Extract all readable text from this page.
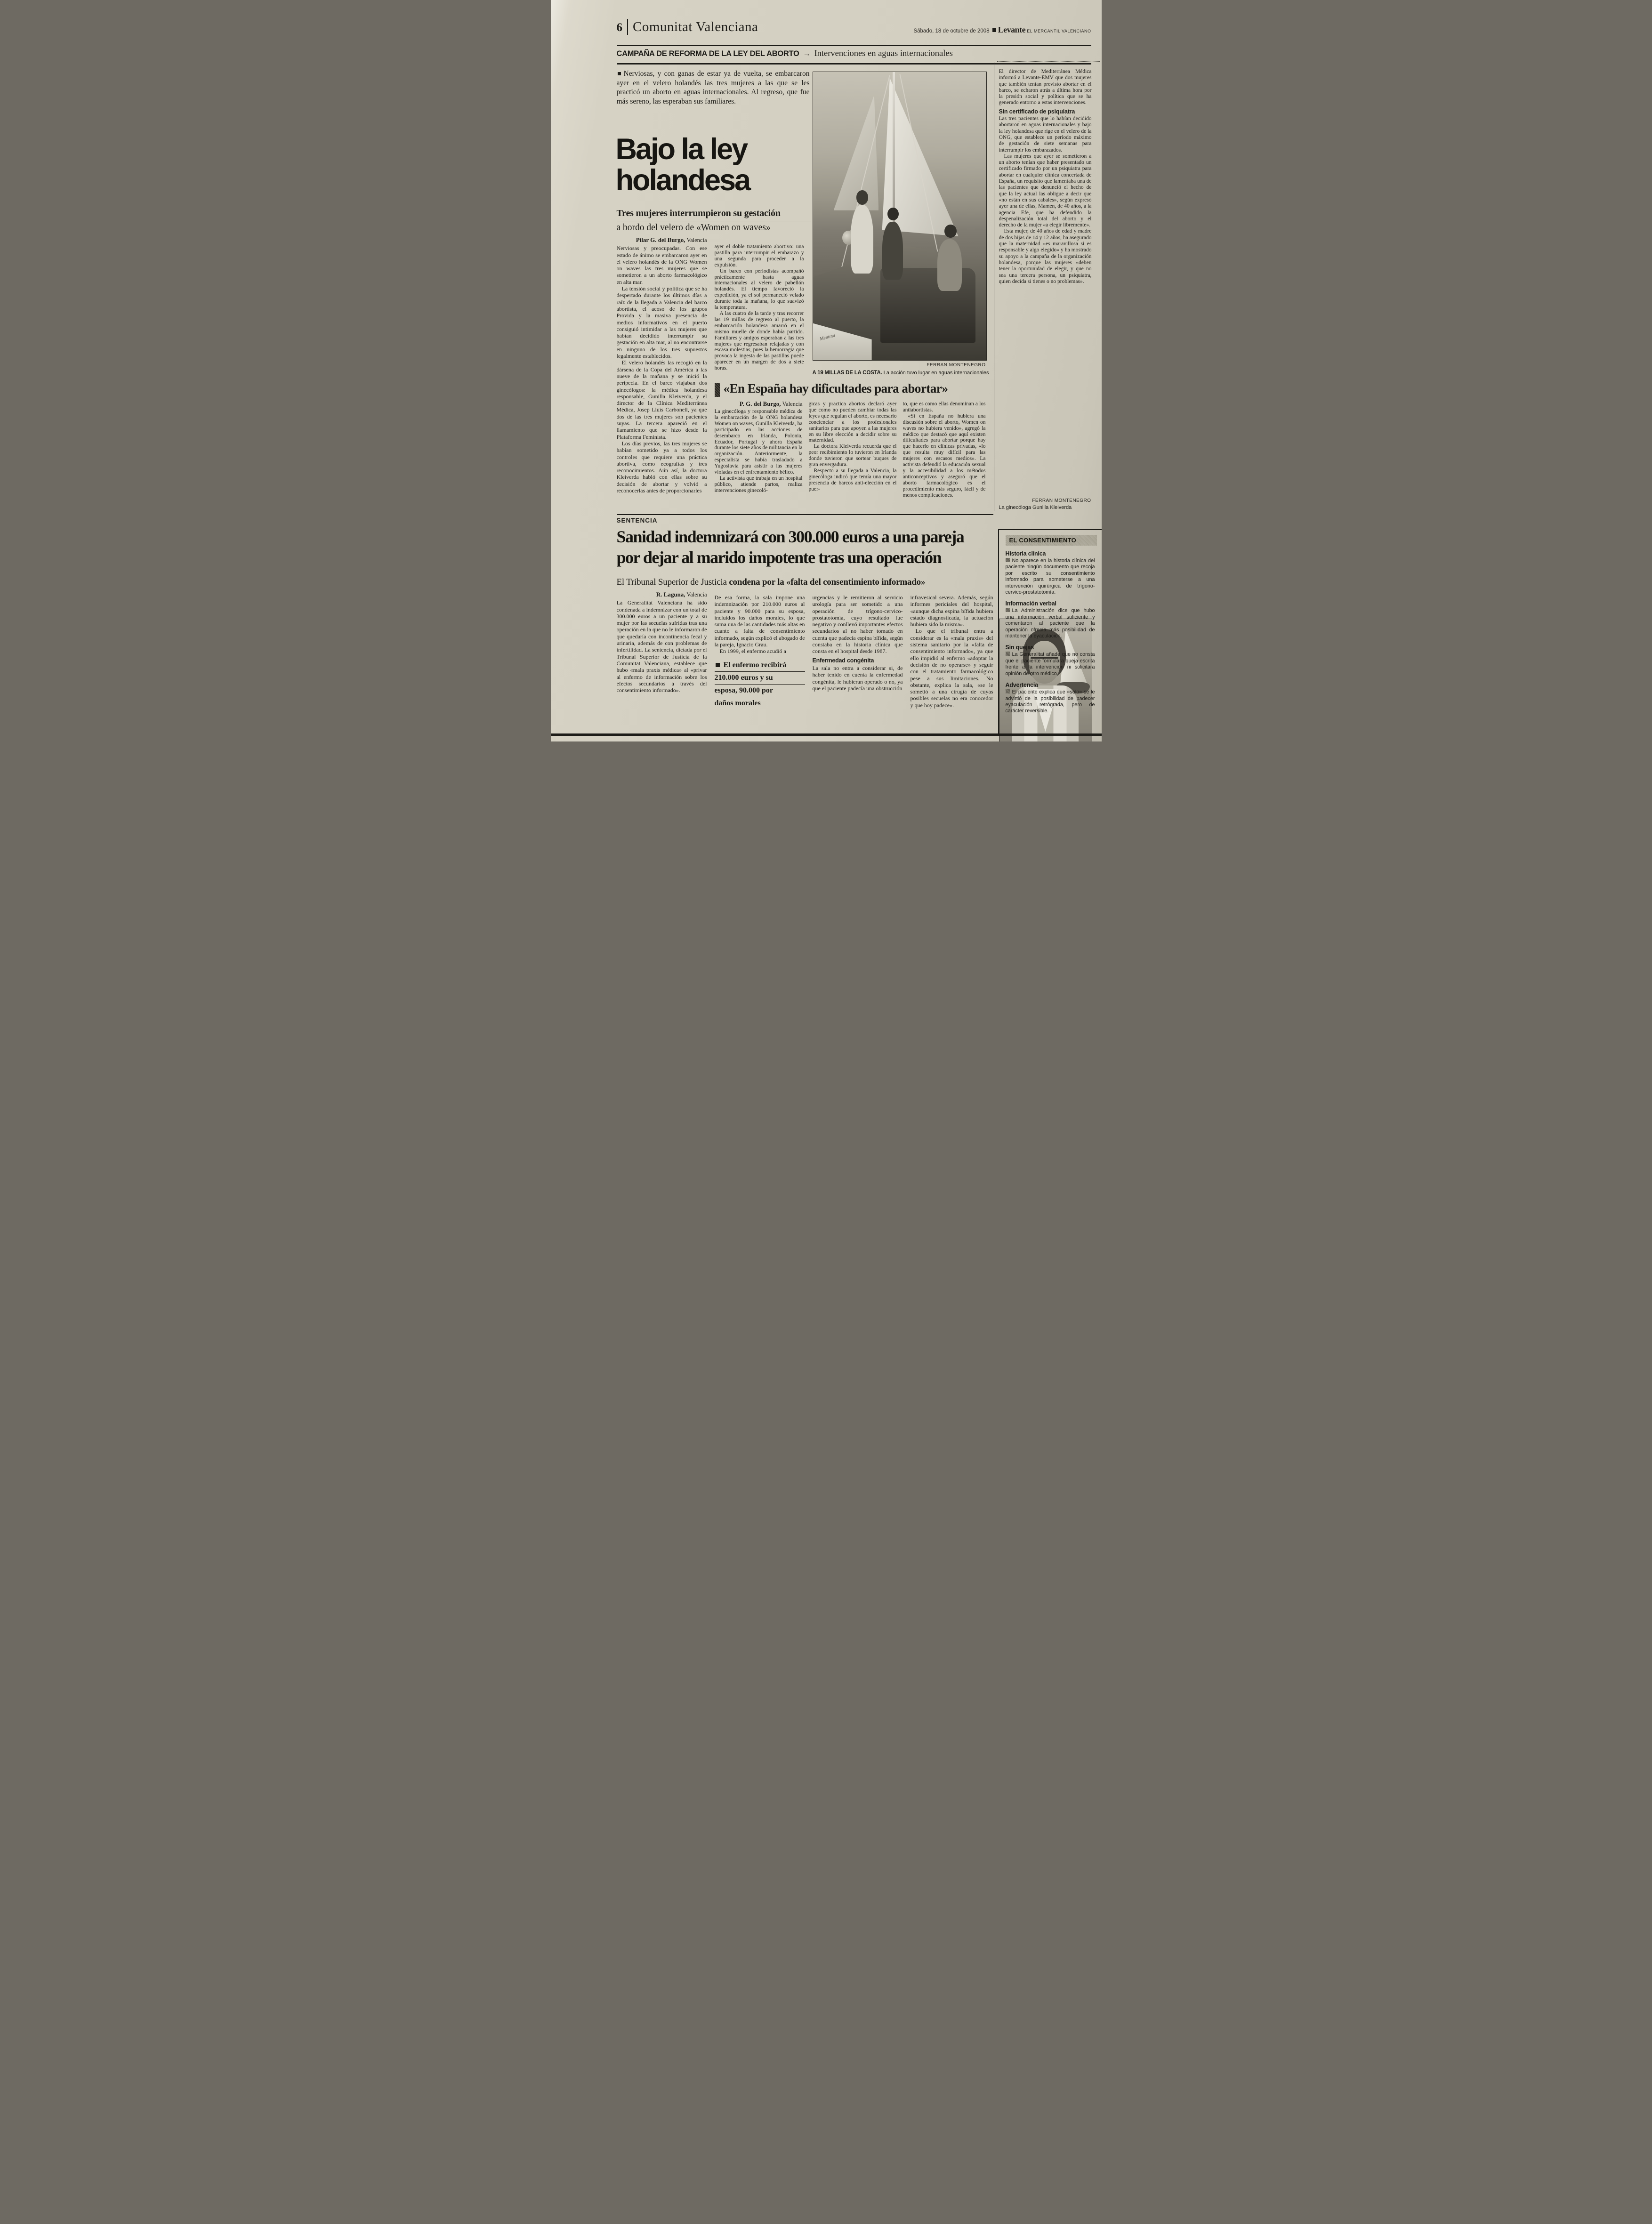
6 Comunitat Valenciana	Sábado, 18 de octubre de 2008 Levante EL MERCANTIL VALENCIANO
CAMPAÑA DE REFORMA DE LA LEY DEL ABORTO → Intervenciones en aguas internacionales
Nerviosas, y con ganas de estar ya de vuelta, se embarcaron ayer en el velero holandés las tres mujeres a las que se les practicó un aborto en aguas internacionales. Al regreso, que fue más sereno, las esperaban sus familiares.
Bajo la ley
holandesa
Tres mujeres interrumpieron su gestación
a bordo del velero de «Women on waves»
Pilar G. del Burgo, Valencia

Nerviosas y preocupadas. Con ese estado de ánimo se embarcaron ayer en el velero holandés de la ONG Women on waves las tres mujeres que se sometieron a un aborto farmacológico en alta mar.

La tensión social y política que se ha despertado durante los últimos días a raíz de la llegada a Valencia del barco abortista, el acoso de los grupos Provida y la masiva presencia de medios informativos en el puerto consiguió intimidar a las mujeres que habían decidido interrumpir su gestación en alta mar, al no encontrarse en ninguno de los tres supuestos legalmente establecidos.

El velero holandés las recogió en la dársena de la Copa del América a las nueve de la mañana y se inició la peripecia. En el barco viajaban dos ginecólogos: la médica holandesa responsable, Gunilla Kleiverda, y el director de la Clínica Mediterránea Médica, Josep Lluís Carbonell, ya que dos de las tres mujeres son pacientes suyas. La tercera apareció en el llamamiento que se hizo desde la Plataforma Feminista.

Los días previos, las tres mujeres se habían sometido ya a todos los controles que requiere una práctica abortiva, como ecografías y tres reconocimientos. Aún así, la doctora Kleiverda habló con ellas sobre su decisión de abortar y volvió a reconocerlas antes de proporcionarles

ayer el doble tratamiento abortivo: una pastilla para interrumpir el embarazo y una segunda para proceder a la expulsión.

Un barco con periodistas acompañó prácticamente hasta aguas internacionales al velero de pabellón holandés. El tiempo favoreció la expedición, ya el sol permaneció velado durante toda la mañana, lo que suavizó la temperatura.

A las cuatro de la tarde y tras recorrer las 19 millas de regreso al puerto, la embarcación holandesa amarró en el mismo muelle de donde había partido. Familiares y amigos esperaban a las tres mujeres que regresaban relajadas y con escasa molestias, pues la hemorragia que provoca la ingesta de las pastillas puede aparecer en un margen de dos a siete horas.

Mentina
FERRAN MONTENEGRO
A 19 MILLAS DE LA COSTA. La acción tuvo lugar en aguas internacionales
«En España hay dificultades para abortar»
P. G. del Burgo, Valencia

La ginecóloga y responsable médica de la embarcación de la ONG holandesa Women on waves, Gunilla Kleiverda, ha participado en las acciones de desembarco en Irlanda, Polonia, Ecuador, Portugal y ahora España durante los siete años de militancia en la organización. Anteriormente, la especialista se había trasladado a Yugoslavia para asistir a las mujeres violadas en el enfrentamiento bélico.

La activista que trabaja en un hospital público, atiende partos, realiza intervenciones ginecoló-

gicas y practica abortos declaró ayer que como no pueden cambiar todas las leyes que regulan el aborto, es necesario concienciar a los profesionales sanitarios para que apoyen a las mujeres en su libre elección a decidir sobre su maternidad.

La doctora Kleiverda recuerda que el peor recibimiento lo tuvieron en Irlanda donde tuvieron que sortear buques de gran envergadura.

Respecto a su llegada a Valencia, la ginecóloga indicó que temía una mayor presencia de barcos anti-elección en el puer-

to, que es como ellas denominan a los antiabortistas.

«Si en España no hubiera una discusión sobre el aborto, Women on waves no hubiera venido», agregó la médico que destacó que aquí existen dificultades para abortar porque hay que hacerlo en clínicas privadas, «lo que resulta muy difícil para las mujeres con escasos medios». La activista defendió la educación sexual y la accesibilidad a los métodos anticonceptivos y aseguró que el aborto farmacológico es el procedimiento más seguro, fácil y de menos complicaciones.

El director de Mediterránea Médica informó a Levante-EMV que dos mujeres que también tenían previsto abortar en el barco, se echaron atrás a última hora por la presión social y política que se ha generado entorno a estas intervenciones.

Sin certificado de psiquiatra

Las tres pacientes que lo habían decidido abortaron en aguas internacionales y bajo la ley holandesa que rige en el velero de la ONG, que establece un período máximo de gestación de siete semanas para interrumpir los embarazados.

Las mujeres que ayer se sometieron a un aborto tenían que haber presentado un certificado firmado por un psiquiatra para abortar en cualquier clínica concertada de España, un requisito que lamentaba una de las pacientes que denunció el hecho de que la ley actual las obligue a decir que «no están en sus cabales», según expresó ayer una de ellas, Mamen, de 40 años, a la agencia Efe, que ha defendido la despenalización total del aborto y el derecho de la mujer «a elegir libremente».

Esta mujer, de 40 años de edad y madre de dos hijas de 14 y 12 años, ha asegurado que la maternidad «es maravillosa si es responsable y algo elegido» y ha mostrado su apoyo a la campaña de la organización holandesa, porque las mujeres «deben tener la oportunidad de elegir, y que no sea una tercera persona, un psiquiatra, quien decida si tienes o no problemas».

FERRAN MONTENEGRO
La ginecóloga Gunilla Kleiverda
SENTENCIA
Sanidad indemnizará con 300.000 euros a una pareja
por dejar al marido impotente tras una operación
El Tribunal Superior de Justicia condena por la «falta del consentimiento informado»
R. Laguna, Valencia

La Generalitat Valenciana ha sido condenada a indemnizar con un total de 300.000 euros a un paciente y a su mujer por las secuelas sufridas tras una operación en la que no le informaron de que quedaría con incontinencia fecal y urinaria, además de con problemas de infertilidad. La sentencia, dictada por el Tribunal Superior de Justicia de la Comunitat Valenciana, establece que hubo «mala praxis médica» al «privar al enfermo de información sobre los efectos secundarios a través del consentimiento informado».

De esa forma, la sala impone una indemnización por 210.000 euros al paciente y 90.000 para su esposa, incluidos los daños morales, lo que suma una de las cantidades más altas en cuanto a falta de consentimiento informado, según explicó el abogado de la pareja, Ignacio Grau.

En 1999, el enfermo acudió a

El enfermo recibirá
210.000 euros y su
esposa, 90.000 por
daños morales

urgencias y le remitieron al servicio urología para ser sometido a una operación de trígono-cervico-prostatotomía, cuyo resultado fue negativo y conllevó importantes efectos secundarios al no haber tomado en cuenta que padecía espina bífida, según constaba en la historia clínica que consta en el hospital desde 1987.

Enfermedad congénita

La sala no entra a considerar si, de haber tenido en cuenta la enfermedad congénita, le hubieran operado o no, ya que el paciente padecía una obstrucción

infravesical severa. Además, según informes periciales del hospital, «aunque dicha espina bífida hubiera estado diagnosticada, la actuación hubiera sido la misma».

Lo que el tribunal entra a considerar es la «mala praxis» del sistema sanitario por la «falta de consentimiento informado», ya que ello impidió al enfermo «adoptar la decisión de no operarse» y seguir con el tratamiento farmacológico pese a sus limitaciones. No obstante, explica la sala, «se le sometió a una cirugía de cuyas posibles secuelas no era conocedor y que hoy padece».

EL CONSENTIMIENTO
Historia clínica

No aparece en la historia clínica del paciente ningún documento que recoja por escrito su consentimiento informado para someterse a una intervención quirúrgica de trígono-cervico-prostatotomía.

Información verbal

La Administración dice que hubo una información verbal suficiente y comentaron al paciente que la operación ofrecía más posibilidad de mantener la eyaculación.

Sin quejas

La Generalitat añade que no consta que el paciente formulara queja escrita frente a la intervención ni solicitara opinión de otro médico.

Advertencia

El paciente explica que «sólo» se le advirtió de la posibilidad de padecer eyaculación retrógrada, pero de carácter reversible.
